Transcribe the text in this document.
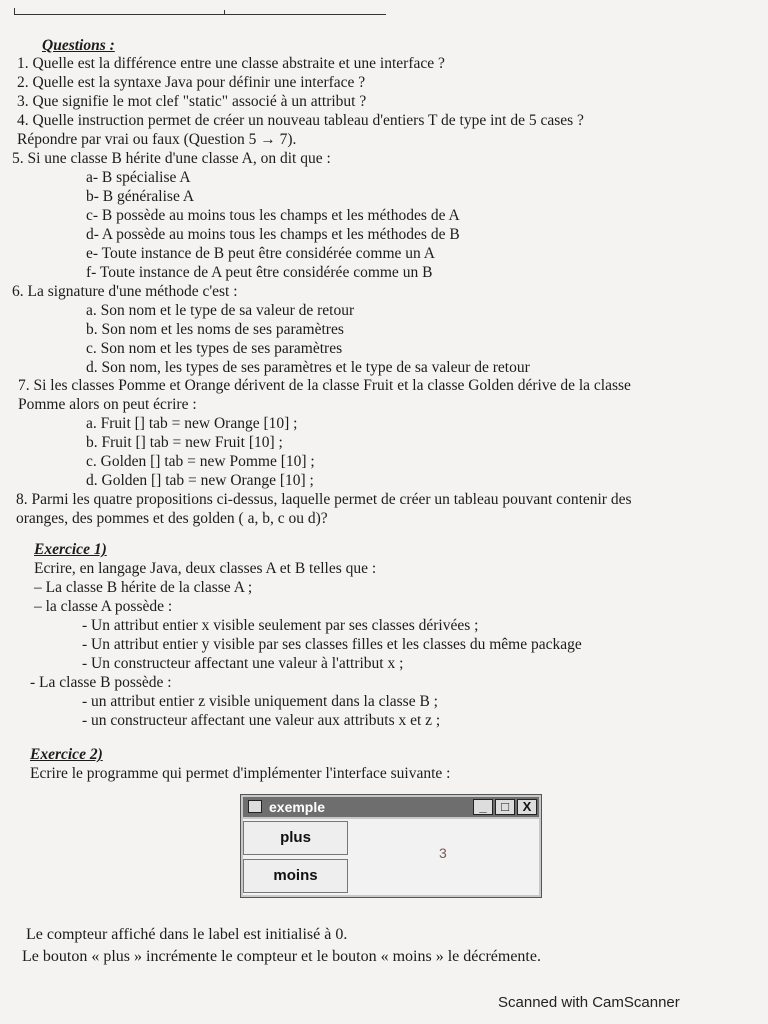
Questions :
1. Quelle est la différence entre une classe abstraite et une interface ?
2. Quelle est la syntaxe Java pour définir une interface ?
3. Que signifie le mot clef "static" associé à un attribut ?
4. Quelle instruction permet de créer un nouveau tableau d'entiers T de type int de 5 cases ?
Répondre par vrai ou faux (Question 5 → 7).
5. Si une classe B hérite d'une classe A, on dit que :
a- B spécialise A
b- B généralise A
c- B possède au moins tous les champs et les méthodes de A
d- A possède au moins tous les champs et les méthodes de B
e- Toute instance de B peut être considérée comme un A
f- Toute instance de A peut être considérée comme un B
6. La signature d'une méthode c'est :
a. Son nom et le type de sa valeur de retour
b. Son nom et les noms de ses paramètres
c. Son nom et les types de ses paramètres
d. Son nom, les types de ses paramètres et le type de sa valeur de retour
7. Si les classes Pomme et Orange dérivent de la classe Fruit et la classe Golden dérive de la classe
Pomme alors on peut écrire :
a. Fruit [] tab = new Orange [10] ;
b. Fruit [] tab = new Fruit [10] ;
c. Golden [] tab = new Pomme [10] ;
d. Golden [] tab = new Orange [10] ;
8. Parmi les quatre propositions ci-dessus, laquelle permet de créer un tableau pouvant contenir des
oranges, des pommes et des golden ( a, b, c ou d)?
Exercice 1)
Ecrire, en langage Java, deux classes A et B telles que :
– La classe B hérite de la classe A ;
– la classe A possède :
- Un attribut entier x visible seulement par ses classes dérivées ;
- Un attribut entier y visible par ses classes filles et les classes du même package
- Un constructeur affectant une valeur à l'attribut x ;
- La classe B possède :
- un attribut entier z visible uniquement dans la classe B ;
- un constructeur affectant une valeur aux attributs x et z ;
Exercice 2)
Ecrire le programme qui permet d'implémenter l'interface suivante :
exemple	_	□	X
plus
moins
3
Le compteur affiché dans le label est initialisé à 0.
Le bouton « plus » incrémente le compteur et le bouton « moins » le décrémente.
Scanned with CamScanner
